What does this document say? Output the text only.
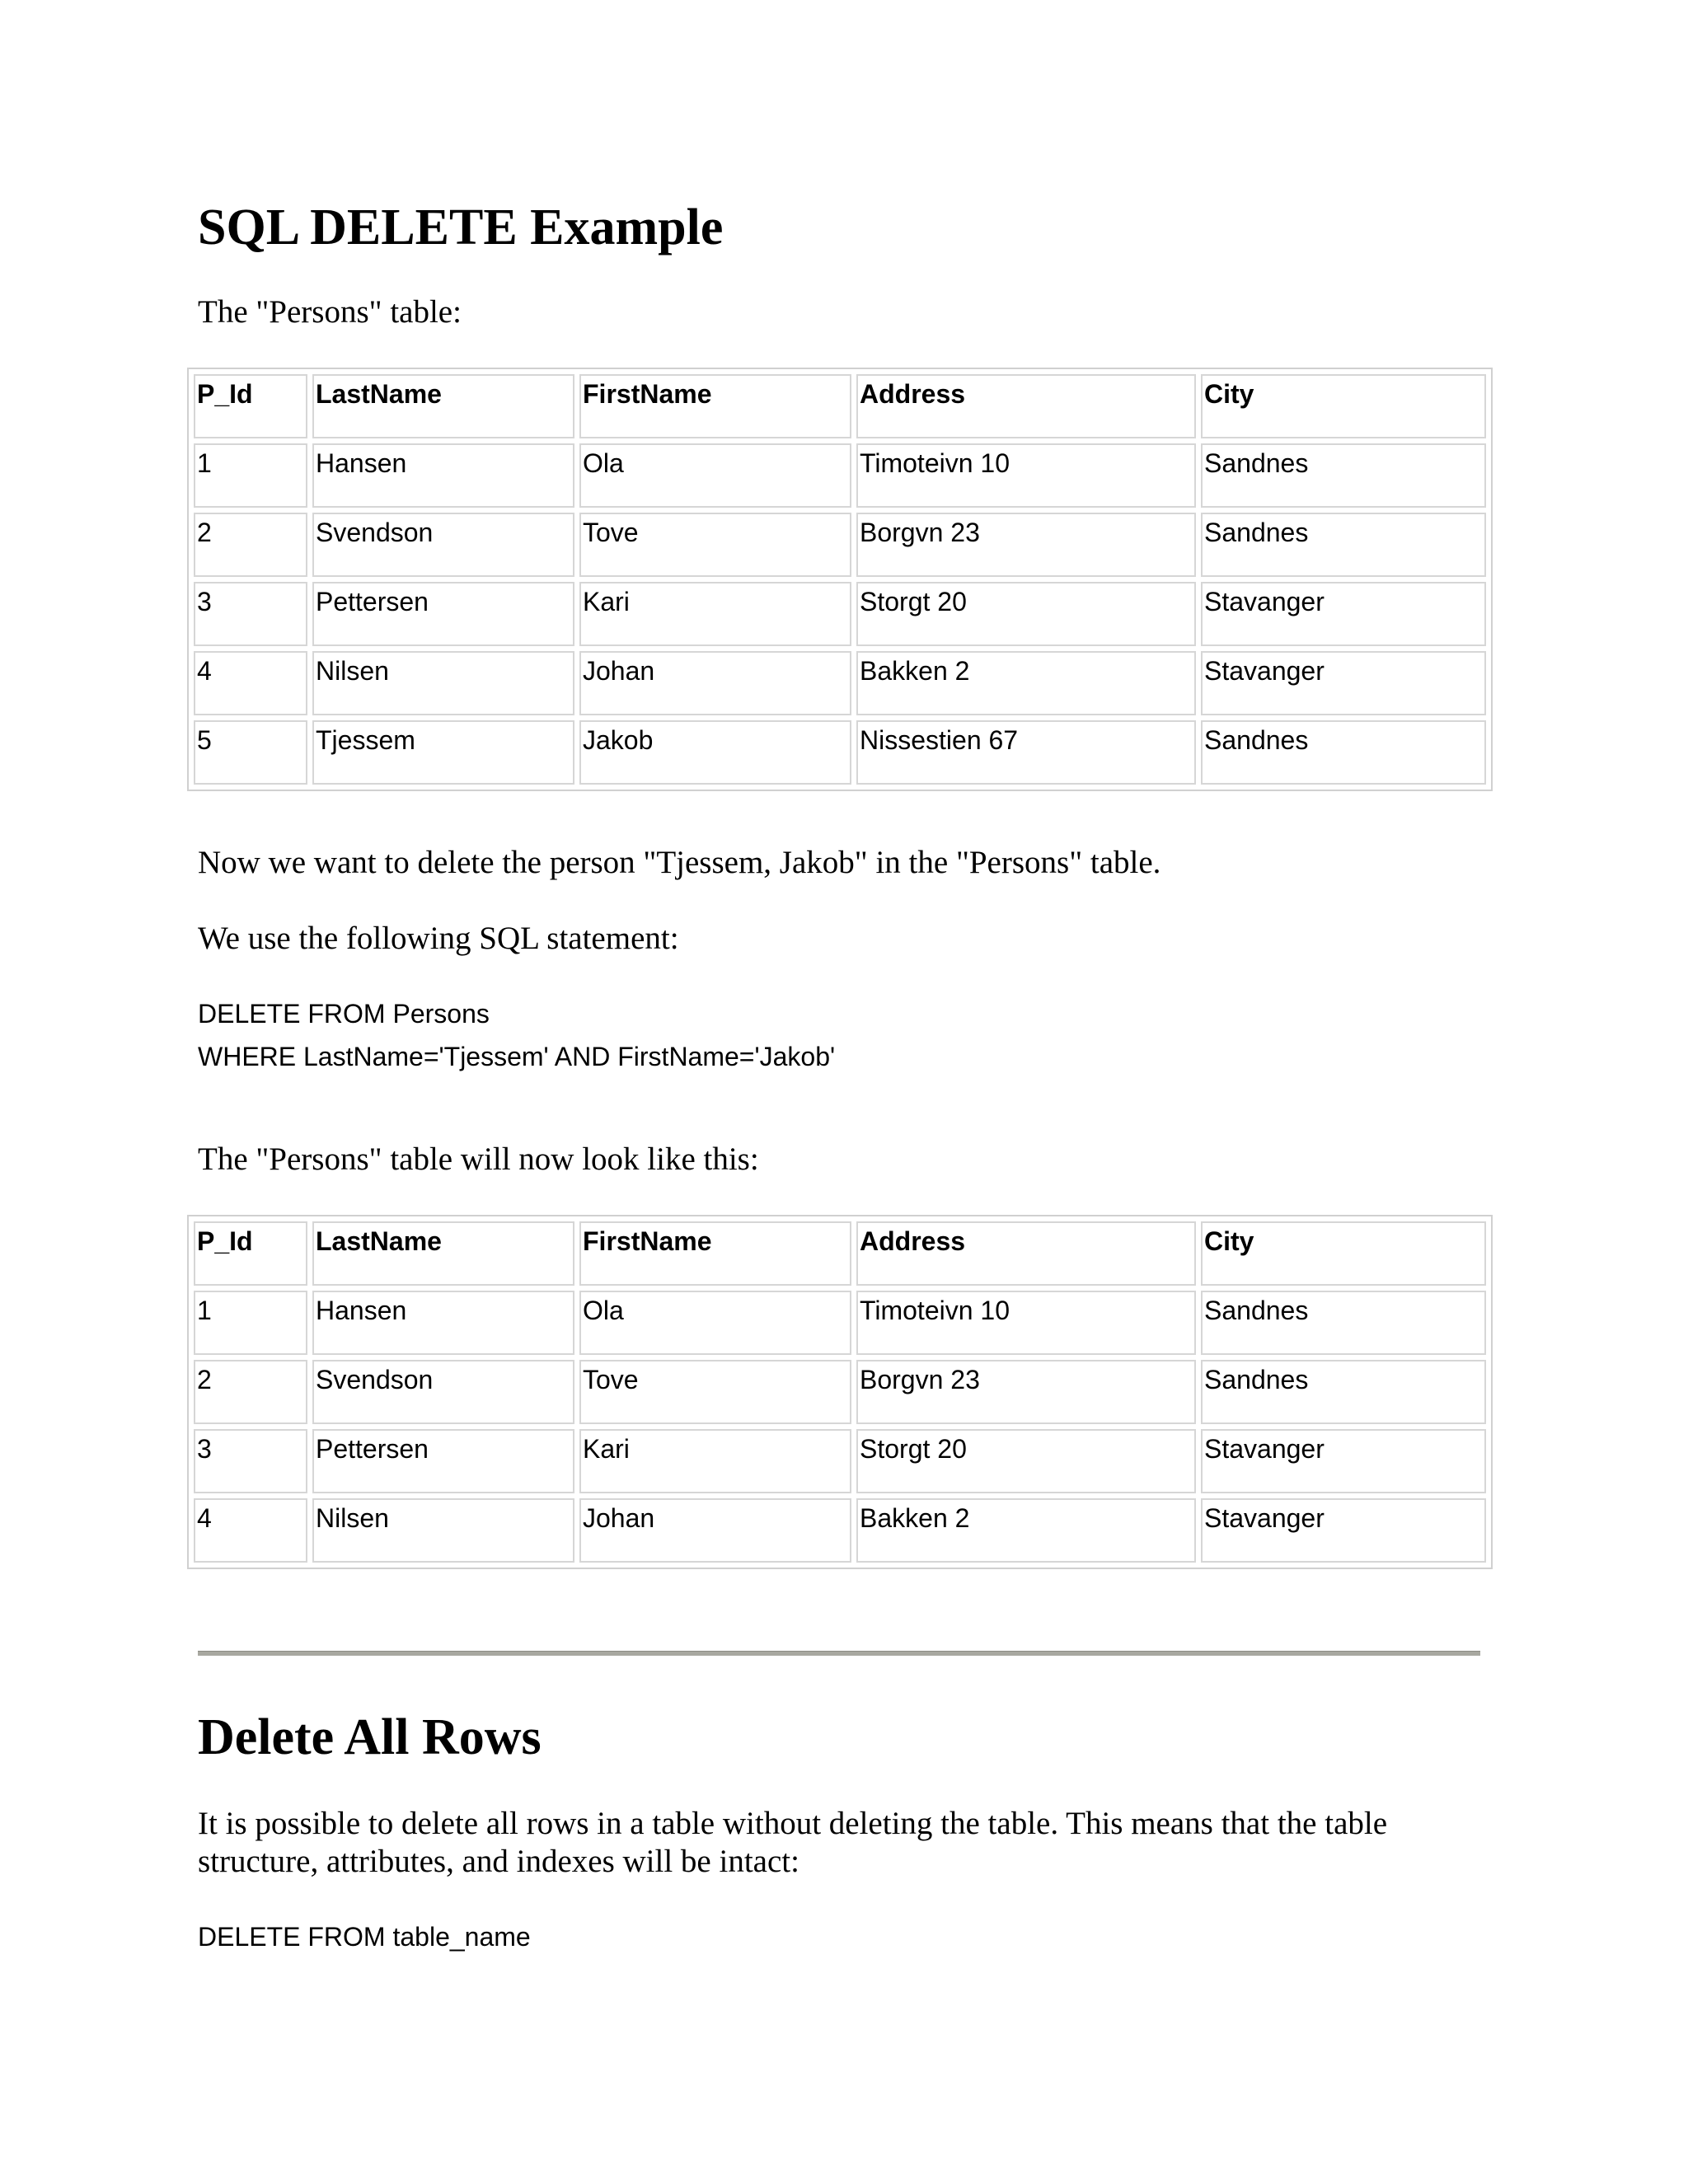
SQL DELETE Example

The "Persons" table:

P_Id	LastName	FirstName	Address	City
1	Hansen	Ola	Timoteivn 10	Sandnes
2	Svendson	Tove	Borgvn 23	Sandnes
3	Pettersen	Kari	Storgt 20	Stavanger
4	Nilsen	Johan	Bakken 2	Stavanger
5	Tjessem	Jakob	Nissestien 67	Sandnes

Now we want to delete the person "Tjessem, Jakob" in the "Persons" table.

We use the following SQL statement:

DELETE FROM Persons
WHERE LastName='Tjessem' AND FirstName='Jakob'

The "Persons" table will now look like this:

P_Id	LastName	FirstName	Address	City
1	Hansen	Ola	Timoteivn 10	Sandnes
2	Svendson	Tove	Borgvn 23	Sandnes
3	Pettersen	Kari	Storgt 20	Stavanger
4	Nilsen	Johan	Bakken 2	Stavanger
Delete All Rows

It is possible to delete all rows in a table without deleting the table. This means that the table structure, attributes, and indexes will be intact:

DELETE FROM table_name
